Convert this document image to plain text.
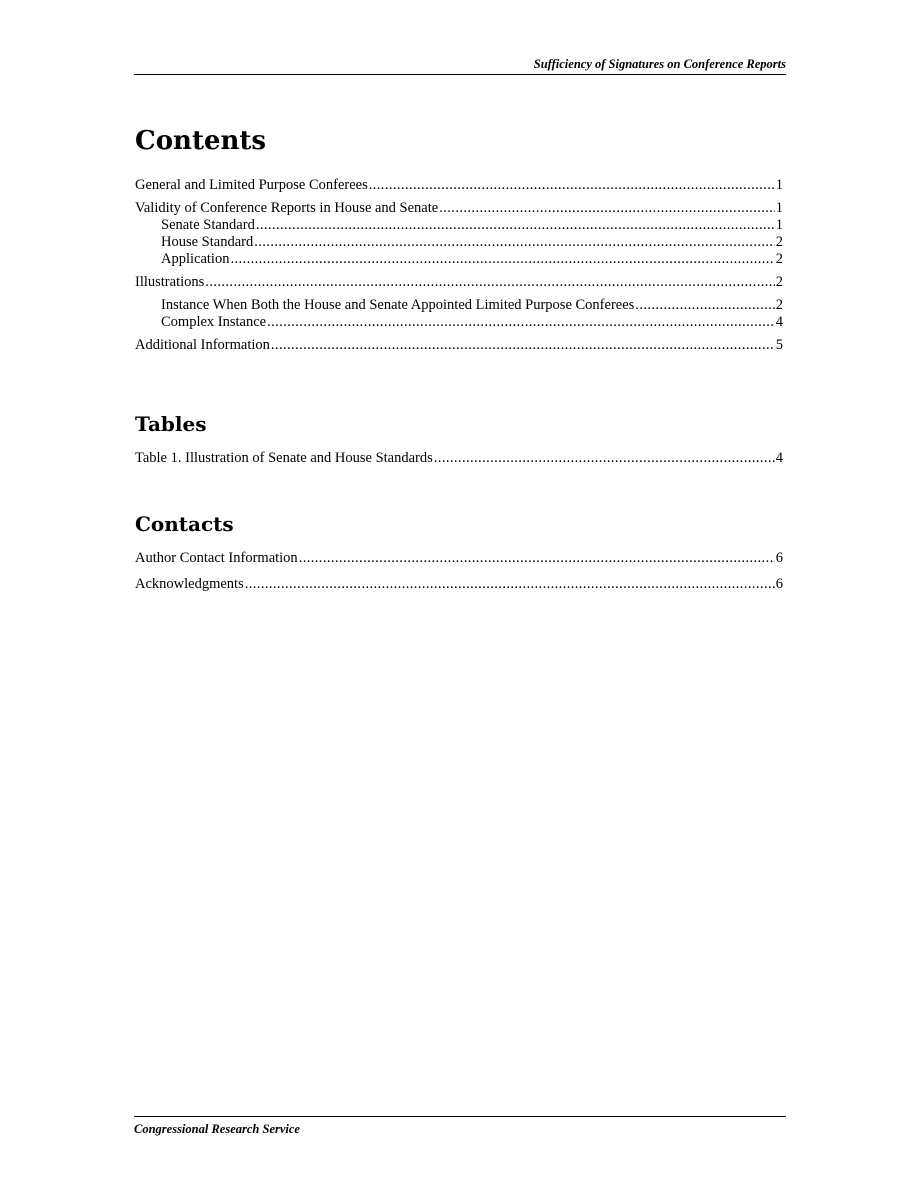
Sufficiency of Signatures on Conference Reports
Contents
General and Limited Purpose Conferees .....	1
Validity of Conference Reports in House and Senate .....	1
Senate Standard .....	1
House Standard .....	2
Application .....	2
Illustrations .....	2
Instance When Both the House and Senate Appointed Limited Purpose Conferees .....	2
Complex Instance .....	4
Additional Information .....	5
Tables
Table 1. Illustration of Senate and House Standards .....	4
Contacts
Author Contact Information .....	6
Acknowledgments .....	6
Congressional Research Service
